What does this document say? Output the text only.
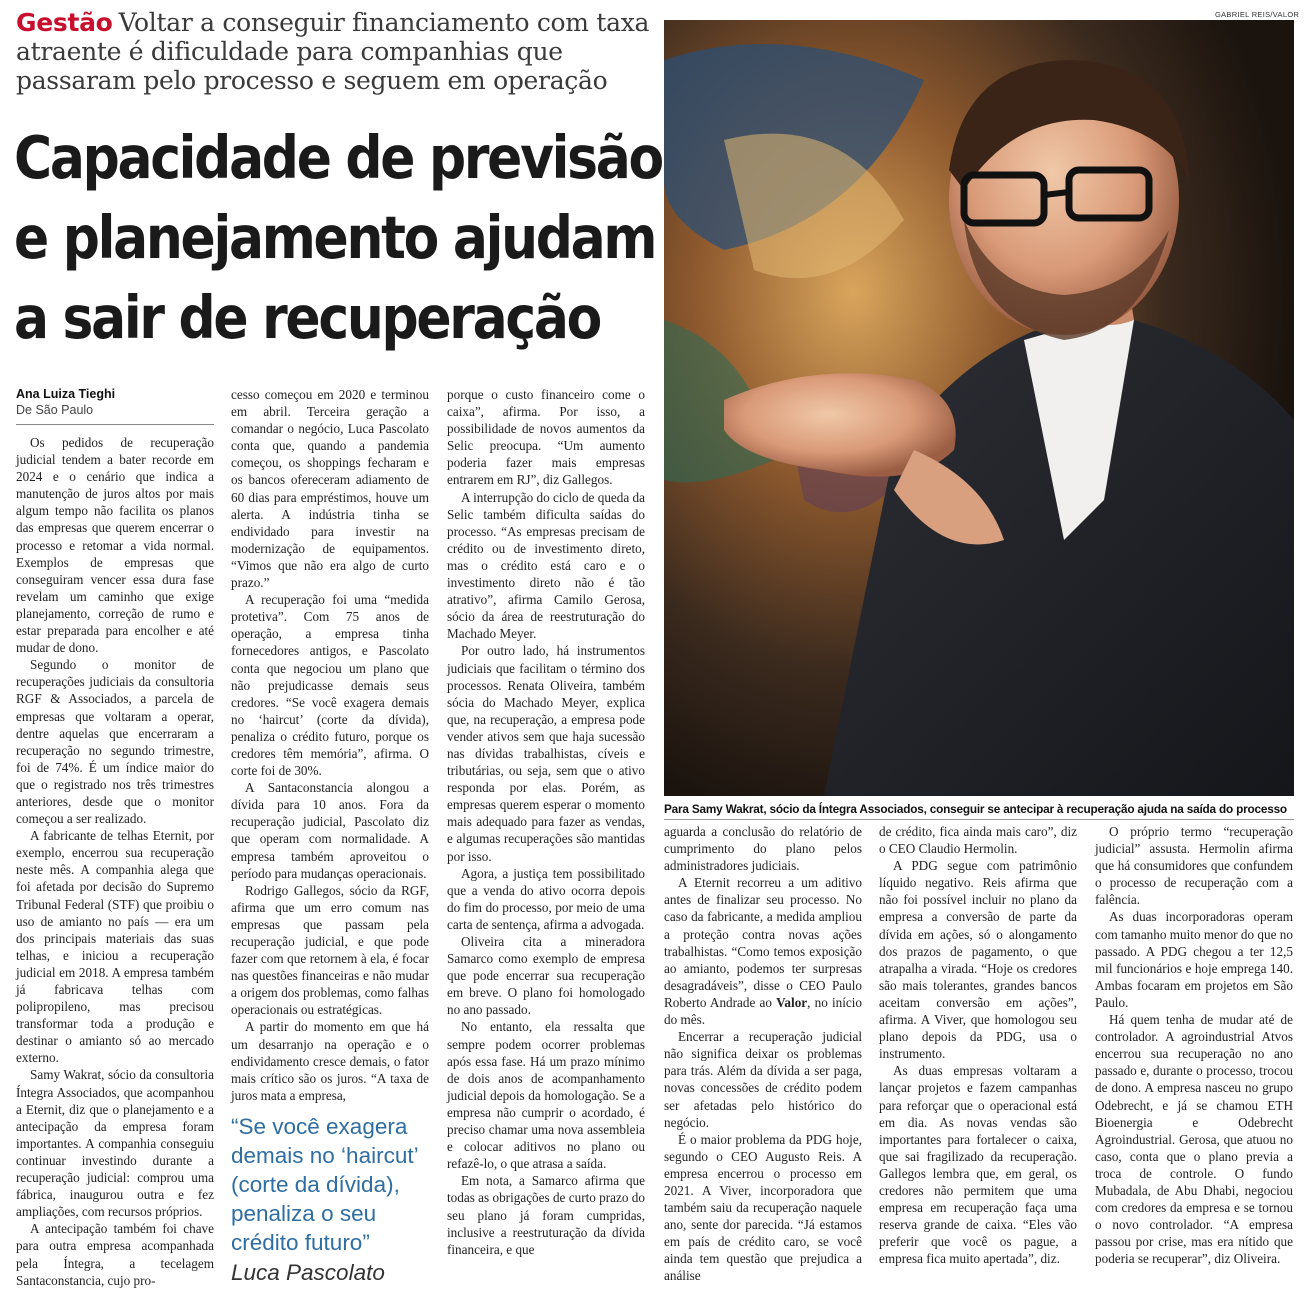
Gestão Voltar a conseguir financiamento com taxa atraente é dificuldade para companhias que passaram pelo processo e seguem em operação
Capacidade de previsão
e planejamento ajudam
a sair de recuperação
Ana Luiza Tieghi
De São Paulo

Os pedidos de recuperação judicial tendem a bater recorde em 2024 e o cenário que indica a manutenção de juros altos por mais algum tempo não facilita os planos das empresas que querem encerrar o processo e retomar a vida normal. Exemplos de empresas que conseguiram vencer essa dura fase revelam um caminho que exige planejamento, correção de rumo e estar preparada para encolher e até mudar de dono.

Segundo o monitor de recuperações judiciais da consultoria RGF & Associados, a parcela de empresas que voltaram a operar, dentre aquelas que encerraram a recuperação no segundo trimestre, foi de 74%. É um índice maior do que o registrado nos três trimestres anteriores, desde que o monitor começou a ser realizado.

A fabricante de telhas Eternit, por exemplo, encerrou sua recuperação neste mês. A companhia alega que foi afetada por decisão do Supremo Tribunal Federal (STF) que proibiu o uso de amianto no país — era um dos principais materiais das suas telhas, e iniciou a recuperação judicial em 2018. A empresa também já fabricava telhas com polipropileno, mas precisou transformar toda a produção e destinar o amianto só ao mercado externo.

Samy Wakrat, sócio da consultoria Íntegra Associados, que acompanhou a Eternit, diz que o planejamento e a antecipação da empresa foram importantes. A companhia conseguiu continuar investindo durante a recuperação judicial: comprou uma fábrica, inaugurou outra e fez ampliações, com recursos próprios.

A antecipação também foi chave para outra empresa acompanhada pela Íntegra, a tecelagem Santaconstancia, cujo pro-

cesso começou em 2020 e terminou em abril. Terceira geração a comandar o negócio, Luca Pascolato conta que, quando a pandemia começou, os shoppings fecharam e os bancos ofereceram adiamento de 60 dias para empréstimos, houve um alerta. A indústria tinha se endividado para investir na modernização de equipamentos. “Vimos que não era algo de curto prazo.”

A recuperação foi uma “medida protetiva”. Com 75 anos de operação, a empresa tinha fornecedores antigos, e Pascolato conta que negociou um plano que não prejudicasse demais seus credores. “Se você exagera demais no ‘haircut’ (corte da dívida), penaliza o crédito futuro, porque os credores têm memória”, afirma. O corte foi de 30%.

A Santaconstancia alongou a dívida para 10 anos. Fora da recuperação judicial, Pascolato diz que operam com normalidade. A empresa também aproveitou o período para mudanças operacionais.

Rodrigo Gallegos, sócio da RGF, afirma que um erro comum nas empresas que passam pela recuperação judicial, e que pode fazer com que retornem à ela, é focar nas questões financeiras e não mudar a origem dos problemas, como falhas operacionais ou estratégicas.

A partir do momento em que há um desarranjo na operação e o endividamento cresce demais, o fator mais crítico são os juros. “A taxa de juros mata a empresa,

“Se você exagera demais no ‘haircut’ (corte da dívida), penaliza o seu crédito futuro”
Luca Pascolato

porque o custo financeiro come o caixa”, afirma. Por isso, a possibilidade de novos aumentos da Selic preocupa. “Um aumento poderia fazer mais empresas entrarem em RJ”, diz Gallegos.

A interrupção do ciclo de queda da Selic também dificulta saídas do processo. “As empresas precisam de crédito ou de investimento direto, mas o crédito está caro e o investimento direto não é tão atrativo”, afirma Camilo Gerosa, sócio da área de reestruturação do Machado Meyer.

Por outro lado, há instrumentos judiciais que facilitam o término dos processos. Renata Oliveira, também sócia do Machado Meyer, explica que, na recuperação, a empresa pode vender ativos sem que haja sucessão nas dívidas trabalhistas, cíveis e tributárias, ou seja, sem que o ativo responda por elas. Porém, as empresas querem esperar o momento mais adequado para fazer as vendas, e algumas recuperações são mantidas por isso.

Agora, a justiça tem possibilitado que a venda do ativo ocorra depois do fim do processo, por meio de uma carta de sentença, afirma a advogada.

Oliveira cita a mineradora Samarco como exemplo de empresa que pode encerrar sua recuperação em breve. O plano foi homologado no ano passado.

No entanto, ela ressalta que sempre podem ocorrer problemas após essa fase. Há um prazo mínimo de dois anos de acompanhamento judicial depois da homologação. Se a empresa não cumprir o acordado, é preciso chamar uma nova assembleia e colocar aditivos no plano ou refazê-lo, o que atrasa a saída.

Em nota, a Samarco afirma que todas as obrigações de curto prazo do seu plano já foram cumpridas, inclusive a reestruturação da dívida financeira, e que

GABRIEL REIS/VALOR
Para Samy Wakrat, sócio da Íntegra Associados, conseguir se antecipar à recuperação ajuda na saída do processo

aguarda a conclusão do relatório de cumprimento do plano pelos administradores judiciais.

A Eternit recorreu a um aditivo antes de finalizar seu processo. No caso da fabricante, a medida ampliou a proteção contra novas ações trabalhistas. “Como temos exposição ao amianto, podemos ter surpresas desagradáveis”, disse o CEO Paulo Roberto Andrade ao Valor, no início do mês.

Encerrar a recuperação judicial não significa deixar os problemas para trás. Além da dívida a ser paga, novas concessões de crédito podem ser afetadas pelo histórico do negócio.

É o maior problema da PDG hoje, segundo o CEO Augusto Reis. A empresa encerrou o processo em 2021. A Viver, incorporadora que também saiu da recuperação naquele ano, sente dor parecida. “Já estamos em país de crédito caro, se você ainda tem questão que prejudica a análise

de crédito, fica ainda mais caro”, diz o CEO Claudio Hermolin.

A PDG segue com patrimônio líquido negativo. Reis afirma que não foi possível incluir no plano da empresa a conversão de parte da dívida em ações, só o alongamento dos prazos de pagamento, o que atrapalha a virada. “Hoje os credores são mais tolerantes, grandes bancos aceitam conversão em ações”, afirma. A Viver, que homologou seu plano depois da PDG, usa o instrumento.

As duas empresas voltaram a lançar projetos e fazem campanhas para reforçar que o operacional está em dia. As novas vendas são importantes para fortalecer o caixa, que sai fragilizado da recuperação. Gallegos lembra que, em geral, os credores não permitem que uma empresa em recuperação faça uma reserva grande de caixa. “Eles vão preferir que você os pague, a empresa fica muito apertada”, diz.

O próprio termo “recuperação judicial” assusta. Hermolin afirma que há consumidores que confundem o processo de recuperação com a falência.

As duas incorporadoras operam com tamanho muito menor do que no passado. A PDG chegou a ter 12,5 mil funcionários e hoje emprega 140. Ambas focaram em projetos em São Paulo.

Há quem tenha de mudar até de controlador. A agroindustrial Atvos encerrou sua recuperação no ano passado e, durante o processo, trocou de dono. A empresa nasceu no grupo Odebrecht, e já se chamou ETH Bioenergia e Odebrecht Agroindustrial. Gerosa, que atuou no caso, conta que o plano previa a troca de controle. O fundo Mubadala, de Abu Dhabi, negociou com credores da empresa e se tornou o novo controlador. “A empresa passou por crise, mas era nítido que poderia se recuperar”, diz Oliveira.
